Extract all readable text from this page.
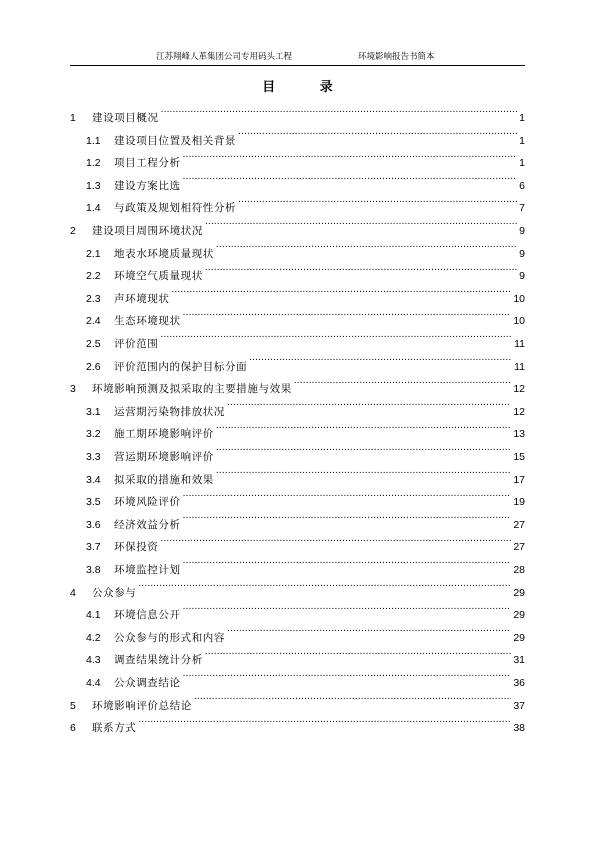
江苏翔峰人革集团公司专用码头工程	环境影响报告书简本
目 录
1	建设项目概况 .....	1
1.1	建设项目位置及相关背景 .....	1
1.2	项目工程分析 .....	1
1.3	建设方案比选 .....	6
1.4	与政策及规划相符性分析 .....	7
2	建设项目周围环境状况 .....	9
2.1	地表水环境质量现状 .....	9
2.2	环境空气质量现状 .....	9
2.3	声环境现状 .....	10
2.4	生态环境现状 .....	10
2.5	评价范围 .....	11
2.6	评价范围内的保护目标分面 .....	11
3	环境影响预测及拟采取的主要措施与效果 .....	12
3.1	运营期污染物排放状况 .....	12
3.2	施工期环境影响评价 .....	13
3.3	营运期环境影响评价 .....	15
3.4	拟采取的措施和效果 .....	17
3.5	环境风险评价 .....	19
3.6	经济效益分析 .....	27
3.7	环保投资 .....	27
3.8	环境监控计划 .....	28
4	公众参与 .....	29
4.1	环境信息公开 .....	29
4.2	公众参与的形式和内容 .....	29
4.3	调查结果统计分析 .....	31
4.4	公众调查结论 .....	36
5	环境影响评价总结论 .....	37
6	联系方式 .....	38
